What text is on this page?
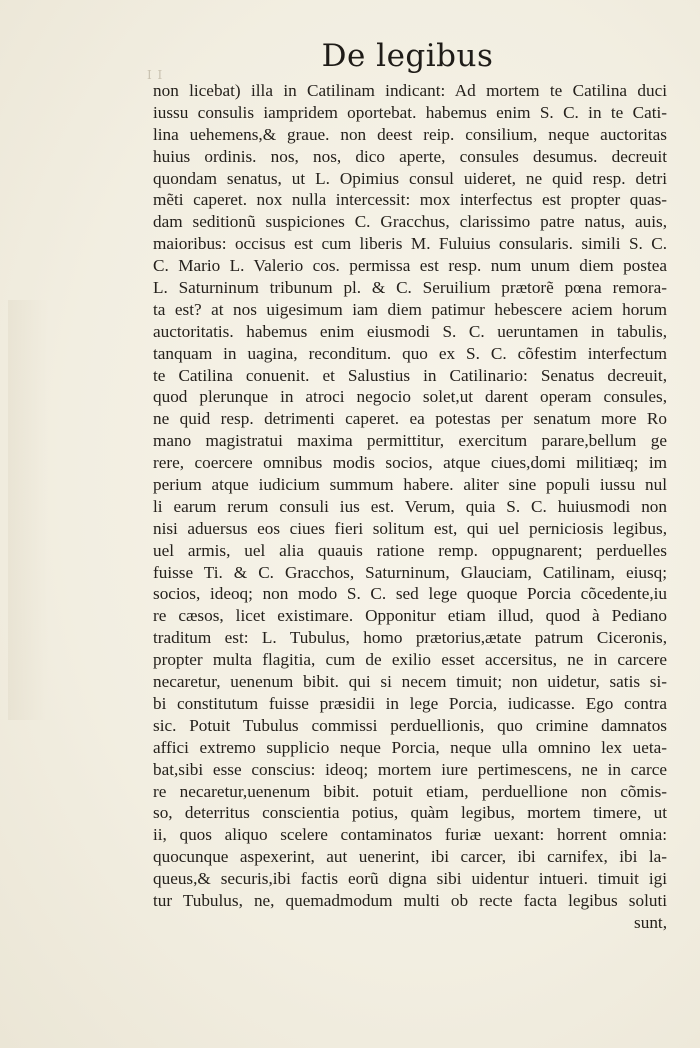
I I
De legibus
non licebat) illa in Catilinam indicant: Ad mortem te Catilina duci
iussu consulis iampridem oportebat. habemus enim S. C. in te Cati-
lina uehemens,& graue. non deest reip. consilium, neque auctoritas
huius ordinis. nos, nos, dico aperte, consules desumus. decreuit
quondam senatus, ut L. Opimius consul uideret, ne quid resp. detri
mẽti caperet. nox nulla intercessit: mox interfectus est propter quas-
dam seditionũ suspiciones C. Gracchus, clarissimo patre natus, auis,
maioribus: occisus est cum liberis M. Fuluius consularis. simili S. C.
C. Mario L. Valerio cos. permissa est resp. num unum diem postea
L. Saturninum tribunum pl. & C. Seruilium prætorẽ pœna remora-
ta est? at nos uigesimum iam diem patimur hebescere aciem horum
auctoritatis. habemus enim eiusmodi S. C. ueruntamen in tabulis,
tanquam in uagina, reconditum. quo ex S. C. cõfestim interfectum
te Catilina conuenit. et Salustius in Catilinario: Senatus decreuit,
quod plerunque in atroci negocio solet,ut darent operam consules,
ne quid resp. detrimenti caperet. ea potestas per senatum more Ro
mano magistratui maxima permittitur, exercitum parare,bellum ge
rere, coercere omnibus modis socios, atque ciues,domi militiæq; im
perium atque iudicium summum habere. aliter sine populi iussu nul
li earum rerum consuli ius est. Verum, quia S. C. huiusmodi non
nisi aduersus eos ciues fieri solitum est, qui uel perniciosis legibus,
uel armis, uel alia quauis ratione remp. oppugnarent; perduelles
fuisse Ti. & C. Gracchos, Saturninum, Glauciam, Catilinam, eiusq;
socios, ideoq; non modo S. C. sed lege quoque Porcia cõcedente,iu
re cæsos, licet existimare. Opponitur etiam illud, quod à Pediano
traditum est: L. Tubulus, homo prætorius,ætate patrum Ciceronis,
propter multa flagitia, cum de exilio esset accersitus, ne in carcere
necaretur, uenenum bibit. qui si necem timuit; non uidetur, satis si-
bi constitutum fuisse præsidii in lege Porcia, iudicasse. Ego contra
sic. Potuit Tubulus commissi perduellionis, quo crimine damnatos
affici extremo supplicio neque Porcia, neque ulla omnino lex ueta-
bat,sibi esse conscius: ideoq; mortem iure pertimescens, ne in carce
re necaretur,uenenum bibit. potuit etiam, perduellione non cõmis-
so, deterritus conscientia potius, quàm legibus, mortem timere, ut
ii, quos aliquo scelere contaminatos furiæ uexant: horrent omnia:
quocunque aspexerint, aut uenerint, ibi carcer, ibi carnifex, ibi la-
queus,& securis,ibi factis eorũ digna sibi uidentur intueri. timuit igi
tur Tubulus, ne, quemadmodum multi ob recte facta legibus soluti
sunt,
